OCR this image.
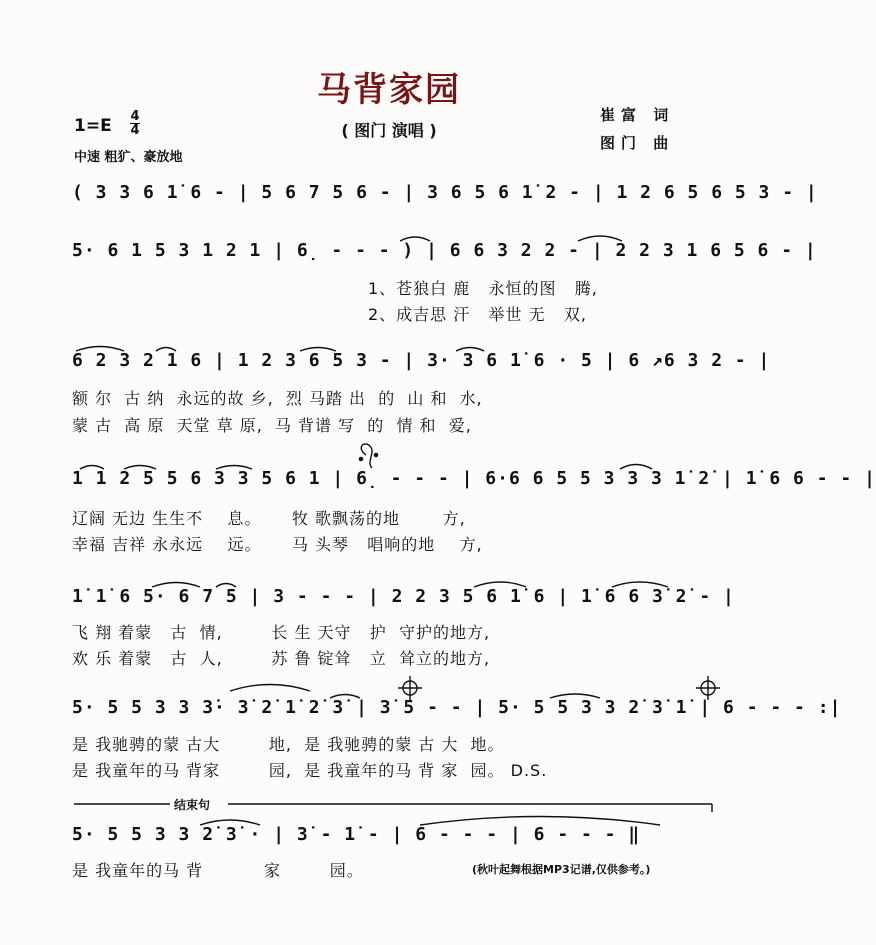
马背家园
( 图门 演唱 )
1=E 4
4
中速 粗犷、豪放地
崔富 词
图门 曲
( 3 3 6 1̇ 6 - | 5 6 7 5 6 - | 3 6 5 6 1̇ 2 - | 1 2 6 5 6 5 3 - |
5· 6 1 5 3 1 2 1 | 6̣ - - - ) | 6 6 3 2 2 - | 2 2 3 1 6 5 6 - |
1、苍狼白 鹿   永恒的图   腾,
2、成吉思 汗   举世 无   双,
6 2 3 2 1 6 | 1 2 3 6 5 3 - | 3· 3 6 1̇ 6 · 5 | 6 ↗6 3 2 - |
额 尔  古 纳  永远的故 乡,  烈 马踏 出  的  山 和  水,
蒙 古  高 原  天堂 草 原,  马 背谱 写  的  情 和  爱,
1 1 2 5 5 6 3 3 5 6 1 | 6̣ - - - | 6·6 6 5 5 3 3 3 1̇ 2̇ | 1̇ 6 6 - - |
辽阔 无边 生生不    息。     牧 歌飘荡的地       方,
幸福 吉祥 永永远    远。     马 头琴   唱响的地    方,
1̇ 1̇ 6 5· 6 7 5 | 3 - - - | 2 2 3 5 6 1̇ 6 | 1̇ 6 6 3̇ 2̇ - |
飞 翔 着蒙   古  情,        长 生 天守   护  守护的地方,
欢 乐 着蒙   古  人,        苏 鲁 锭耸   立  耸立的地方,
5· 5 5 3 3 3̇· 3̇ 2̇ 1̇ 2̇ 3̇ | 3̇ 5 - - | 5· 5 5 3 3 2̇ 3̇ 1̇ | 6 - - - :|
是 我驰骋的蒙 古大        地,  是 我驰骋的蒙 古 大  地。
是 我童年的马 背家        园,  是 我童年的马 背 家  园。 D.S.
结束句
5· 5 5 3 3 2̇ 3̇ · | 3̇ - 1̇ - | 6 - - - | 6 - - - ‖
是 我童年的马 背          家        园。	(秋叶起舞根据MP3记谱,仅供参考。)
